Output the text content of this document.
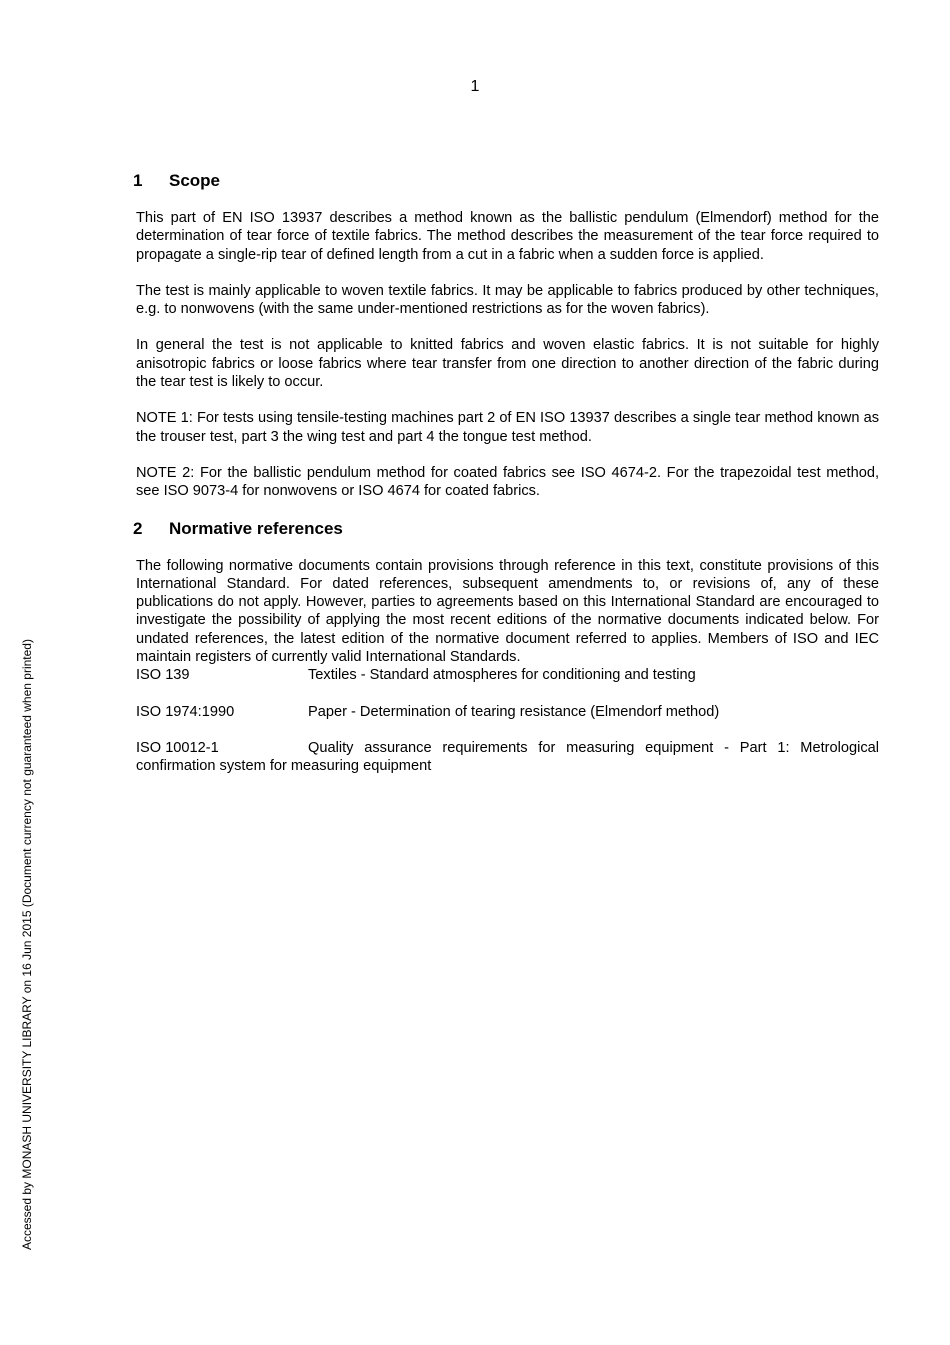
1
1 Scope

This part of EN ISO 13937 describes a method known as the ballistic pendulum (Elmendorf) method for the determination of tear force of textile fabrics. The method describes the measurement of the tear force required to propagate a single-rip tear of defined length from a cut in a fabric when a sudden force is applied.

The test is mainly applicable to woven textile fabrics. It may be applicable to fabrics produced by other techniques, e.g. to nonwovens (with the same under-mentioned restrictions as for the woven fabrics).

In general the test is not applicable to knitted fabrics and woven elastic fabrics. It is not suitable for highly anisotropic fabrics or loose fabrics where tear transfer from one direction to another direction of the fabric during the tear test is likely to occur.

NOTE 1: For tests using tensile-testing machines part 2 of EN ISO 13937 describes a single tear method known as the trouser test, part 3 the wing test and part 4 the tongue test method.

NOTE 2: For the ballistic pendulum method for coated fabrics see ISO 4674-2. For the trapezoidal test method, see ISO 9073-4 for nonwovens or ISO 4674 for coated fabrics.

2 Normative references

The following normative documents contain provisions through reference in this text, constitute provisions of this International Standard. For dated references, subsequent amendments to, or revisions of, any of these publications do not apply. However, parties to agreements based on this International Standard are encouraged to investigate the possibility of applying the most recent editions of the normative documents indicated below. For undated references, the latest edition of the normative document referred to applies. Members of ISO and IEC maintain registers of currently valid International Standards.

ISO 139	Textiles - Standard atmospheres for conditioning and testing

ISO 1974:1990	Paper - Determination of tearing resistance (Elmendorf method)

ISO 10012-1	Quality assurance requirements for measuring equipment - Part 1: Metrological confirmation system for measuring equipment

Accessed by MONASH UNIVERSITY LIBRARY on 16 Jun 2015 (Document currency not guaranteed when printed)
